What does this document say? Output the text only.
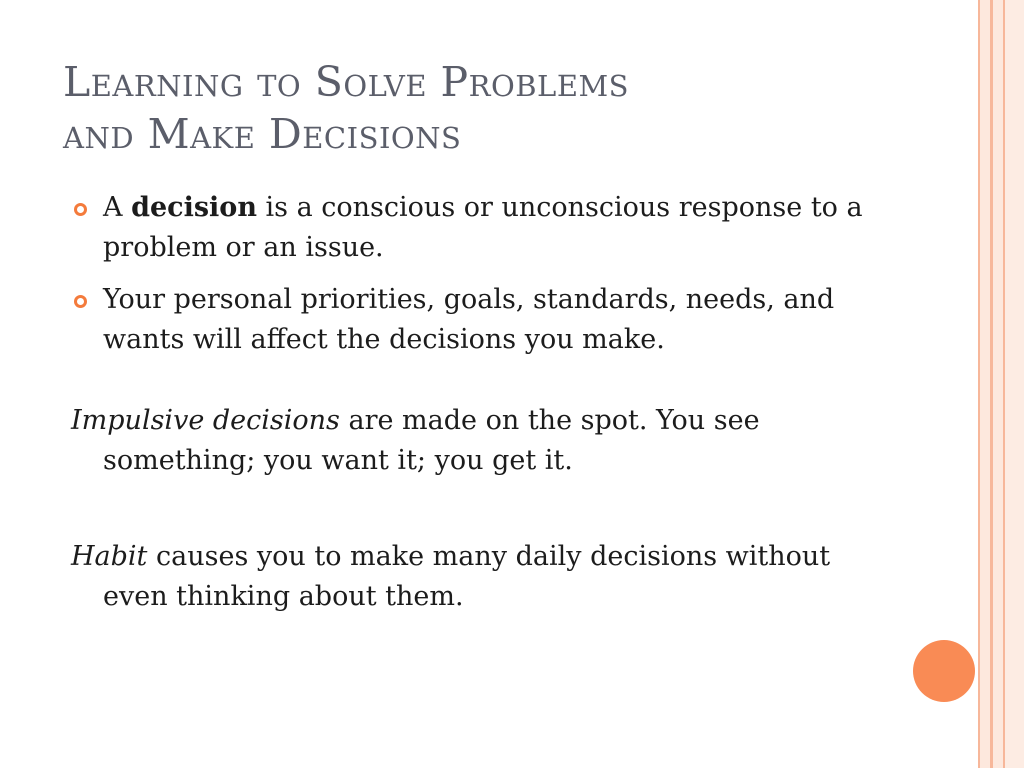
Learning to Solve Problems
and Make Decisions
A decision is a conscious or unconscious response to a problem or an issue.
Your personal priorities, goals, standards, needs, and wants will affect the decisions you make.

Impulsive decisions are made on the spot. You see something; you want it; you get it.

Habit causes you to make many daily decisions without even thinking about them.
